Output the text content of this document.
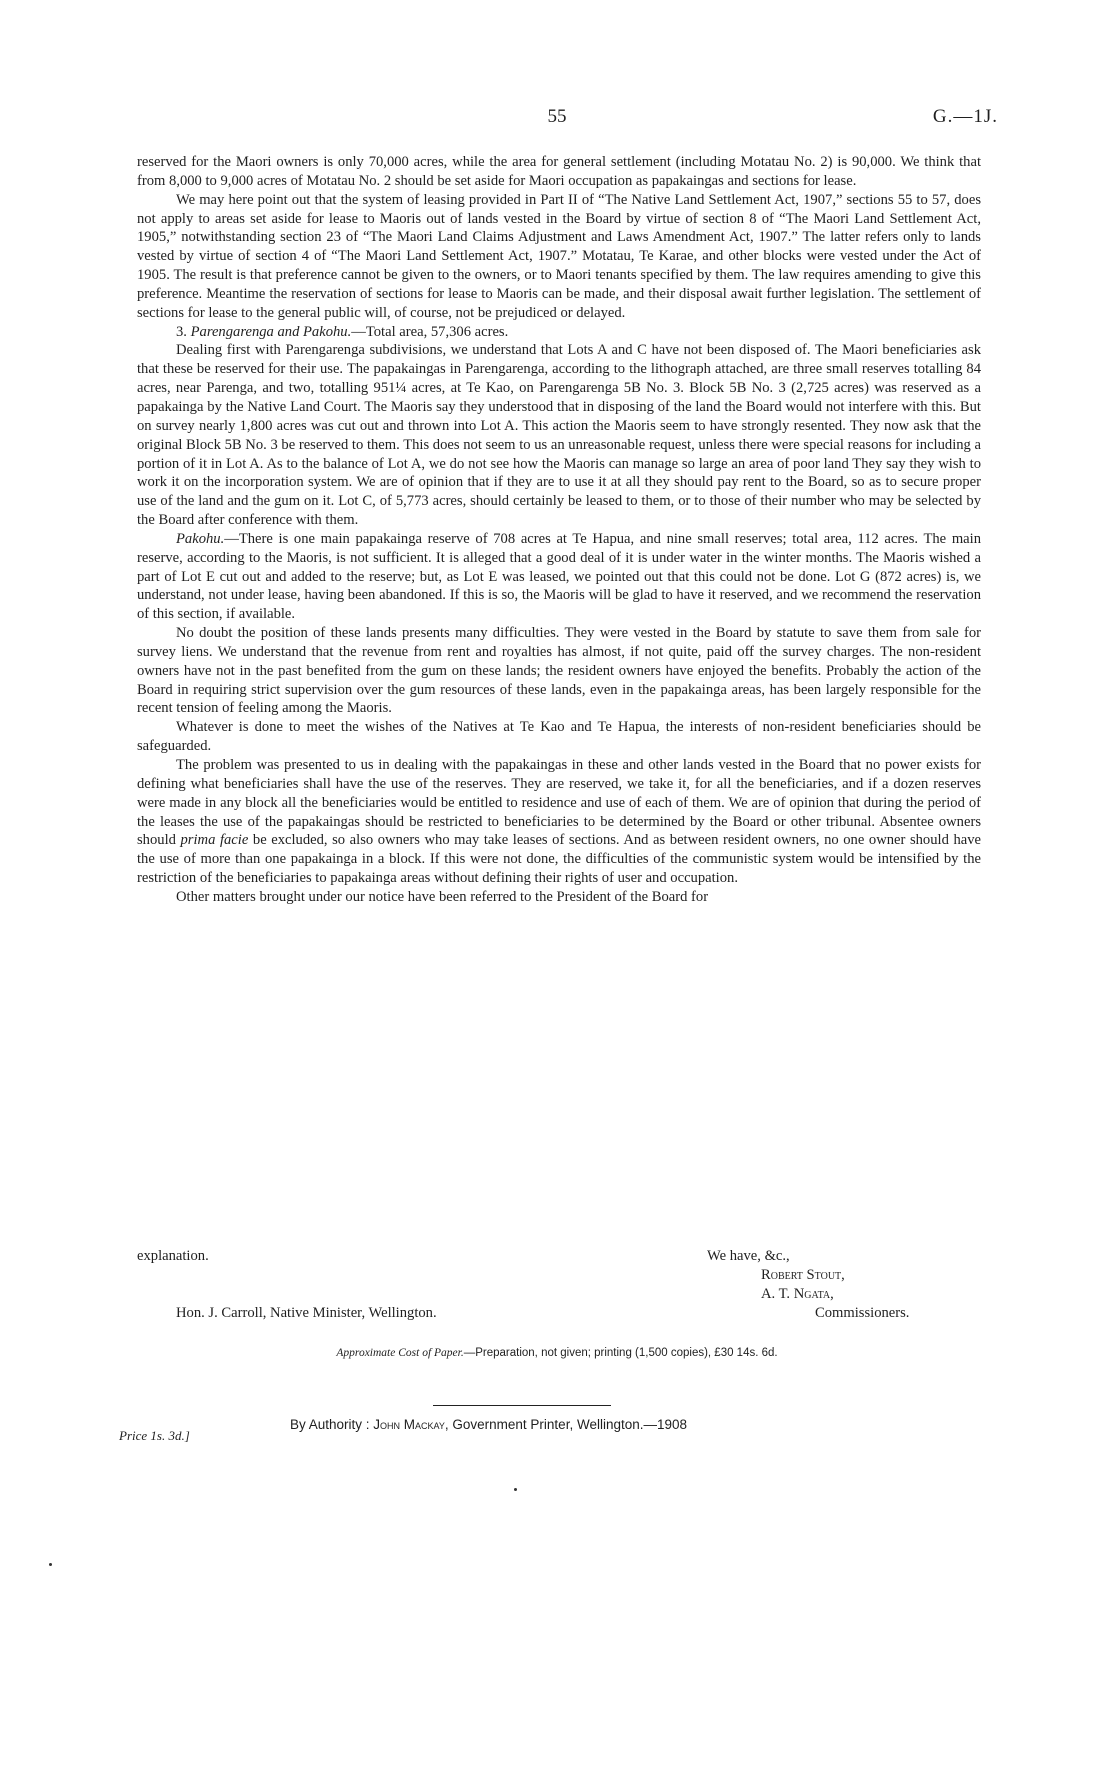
55	G.—1J.

reserved for the Maori owners is only 70,000 acres, while the area for general settlement (including Motatau No. 2) is 90,000. We think that from 8,000 to 9,000 acres of Motatau No. 2 should be set aside for Maori occupation as papakaingas and sections for lease.

We may here point out that the system of leasing provided in Part II of “The Native Land Settlement Act, 1907,” sections 55 to 57, does not apply to areas set aside for lease to Maoris out of lands vested in the Board by virtue of section 8 of “The Maori Land Settlement Act, 1905,” notwithstanding section 23 of “The Maori Land Claims Adjustment and Laws Amendment Act, 1907.” The latter refers only to lands vested by virtue of section 4 of “The Maori Land Settlement Act, 1907.” Motatau, Te Karae, and other blocks were vested under the Act of 1905. The result is that preference cannot be given to the owners, or to Maori tenants specified by them. The law requires amending to give this preference. Meantime the reservation of sections for lease to Maoris can be made, and their disposal await further legislation. The settlement of sections for lease to the general public will, of course, not be prejudiced or delayed.

3. Parengarenga and Pakohu.—Total area, 57,306 acres.

Dealing first with Parengarenga subdivisions, we understand that Lots A and C have not been disposed of. The Maori beneficiaries ask that these be reserved for their use. The papakaingas in Parengarenga, according to the lithograph attached, are three small reserves totalling 84 acres, near Parenga, and two, totalling 951¼ acres, at Te Kao, on Parengarenga 5B No. 3. Block 5B No. 3 (2,725 acres) was reserved as a papakainga by the Native Land Court. The Maoris say they understood that in disposing of the land the Board would not interfere with this. But on survey nearly 1,800 acres was cut out and thrown into Lot A. This action the Maoris seem to have strongly resented. They now ask that the original Block 5B No. 3 be reserved to them. This does not seem to us an unreasonable request, unless there were special reasons for including a portion of it in Lot A. As to the balance of Lot A, we do not see how the Maoris can manage so large an area of poor land They say they wish to work it on the incorporation system. We are of opinion that if they are to use it at all they should pay rent to the Board, so as to secure proper use of the land and the gum on it. Lot C, of 5,773 acres, should certainly be leased to them, or to those of their number who may be selected by the Board after conference with them.

Pakohu.—There is one main papakainga reserve of 708 acres at Te Hapua, and nine small reserves; total area, 112 acres. The main reserve, according to the Maoris, is not sufficient. It is alleged that a good deal of it is under water in the winter months. The Maoris wished a part of Lot E cut out and added to the reserve; but, as Lot E was leased, we pointed out that this could not be done. Lot G (872 acres) is, we understand, not under lease, having been abandoned. If this is so, the Maoris will be glad to have it reserved, and we recommend the reservation of this section, if available.

No doubt the position of these lands presents many difficulties. They were vested in the Board by statute to save them from sale for survey liens. We understand that the revenue from rent and royalties has almost, if not quite, paid off the survey charges. The non-resident owners have not in the past benefited from the gum on these lands; the resident owners have enjoyed the benefits. Probably the action of the Board in requiring strict supervision over the gum resources of these lands, even in the papakainga areas, has been largely responsible for the recent tension of feeling among the Maoris.

Whatever is done to meet the wishes of the Natives at Te Kao and Te Hapua, the interests of non-resident beneficiaries should be safeguarded.

The problem was presented to us in dealing with the papakaingas in these and other lands vested in the Board that no power exists for defining what beneficiaries shall have the use of the reserves. They are reserved, we take it, for all the beneficiaries, and if a dozen reserves were made in any block all the beneficiaries would be entitled to residence and use of each of them. We are of opinion that during the period of the leases the use of the papakaingas should be restricted to beneficiaries to be determined by the Board or other tribunal. Absentee owners should prima facie be excluded, so also owners who may take leases of sections. And as between resident owners, no one owner should have the use of more than one papakainga in a block. If this were not done, the difficulties of the communistic system would be intensified by the restriction of the beneficiaries to papakainga areas without defining their rights of user and occupation.

Other matters brought under our notice have been referred to the President of the Board for

explanation.	We have, &c.,
Robert Stout,
A. T. Ngata,
Commissioners.
Hon. J. Carroll, Native Minister, Wellington.
Approximate Cost of Paper.—Preparation, not given; printing (1,500 copies), £30 14s. 6d.
By Authority : John Mackay, Government Printer, Wellington.—1908
Price 1s. 3d.]
